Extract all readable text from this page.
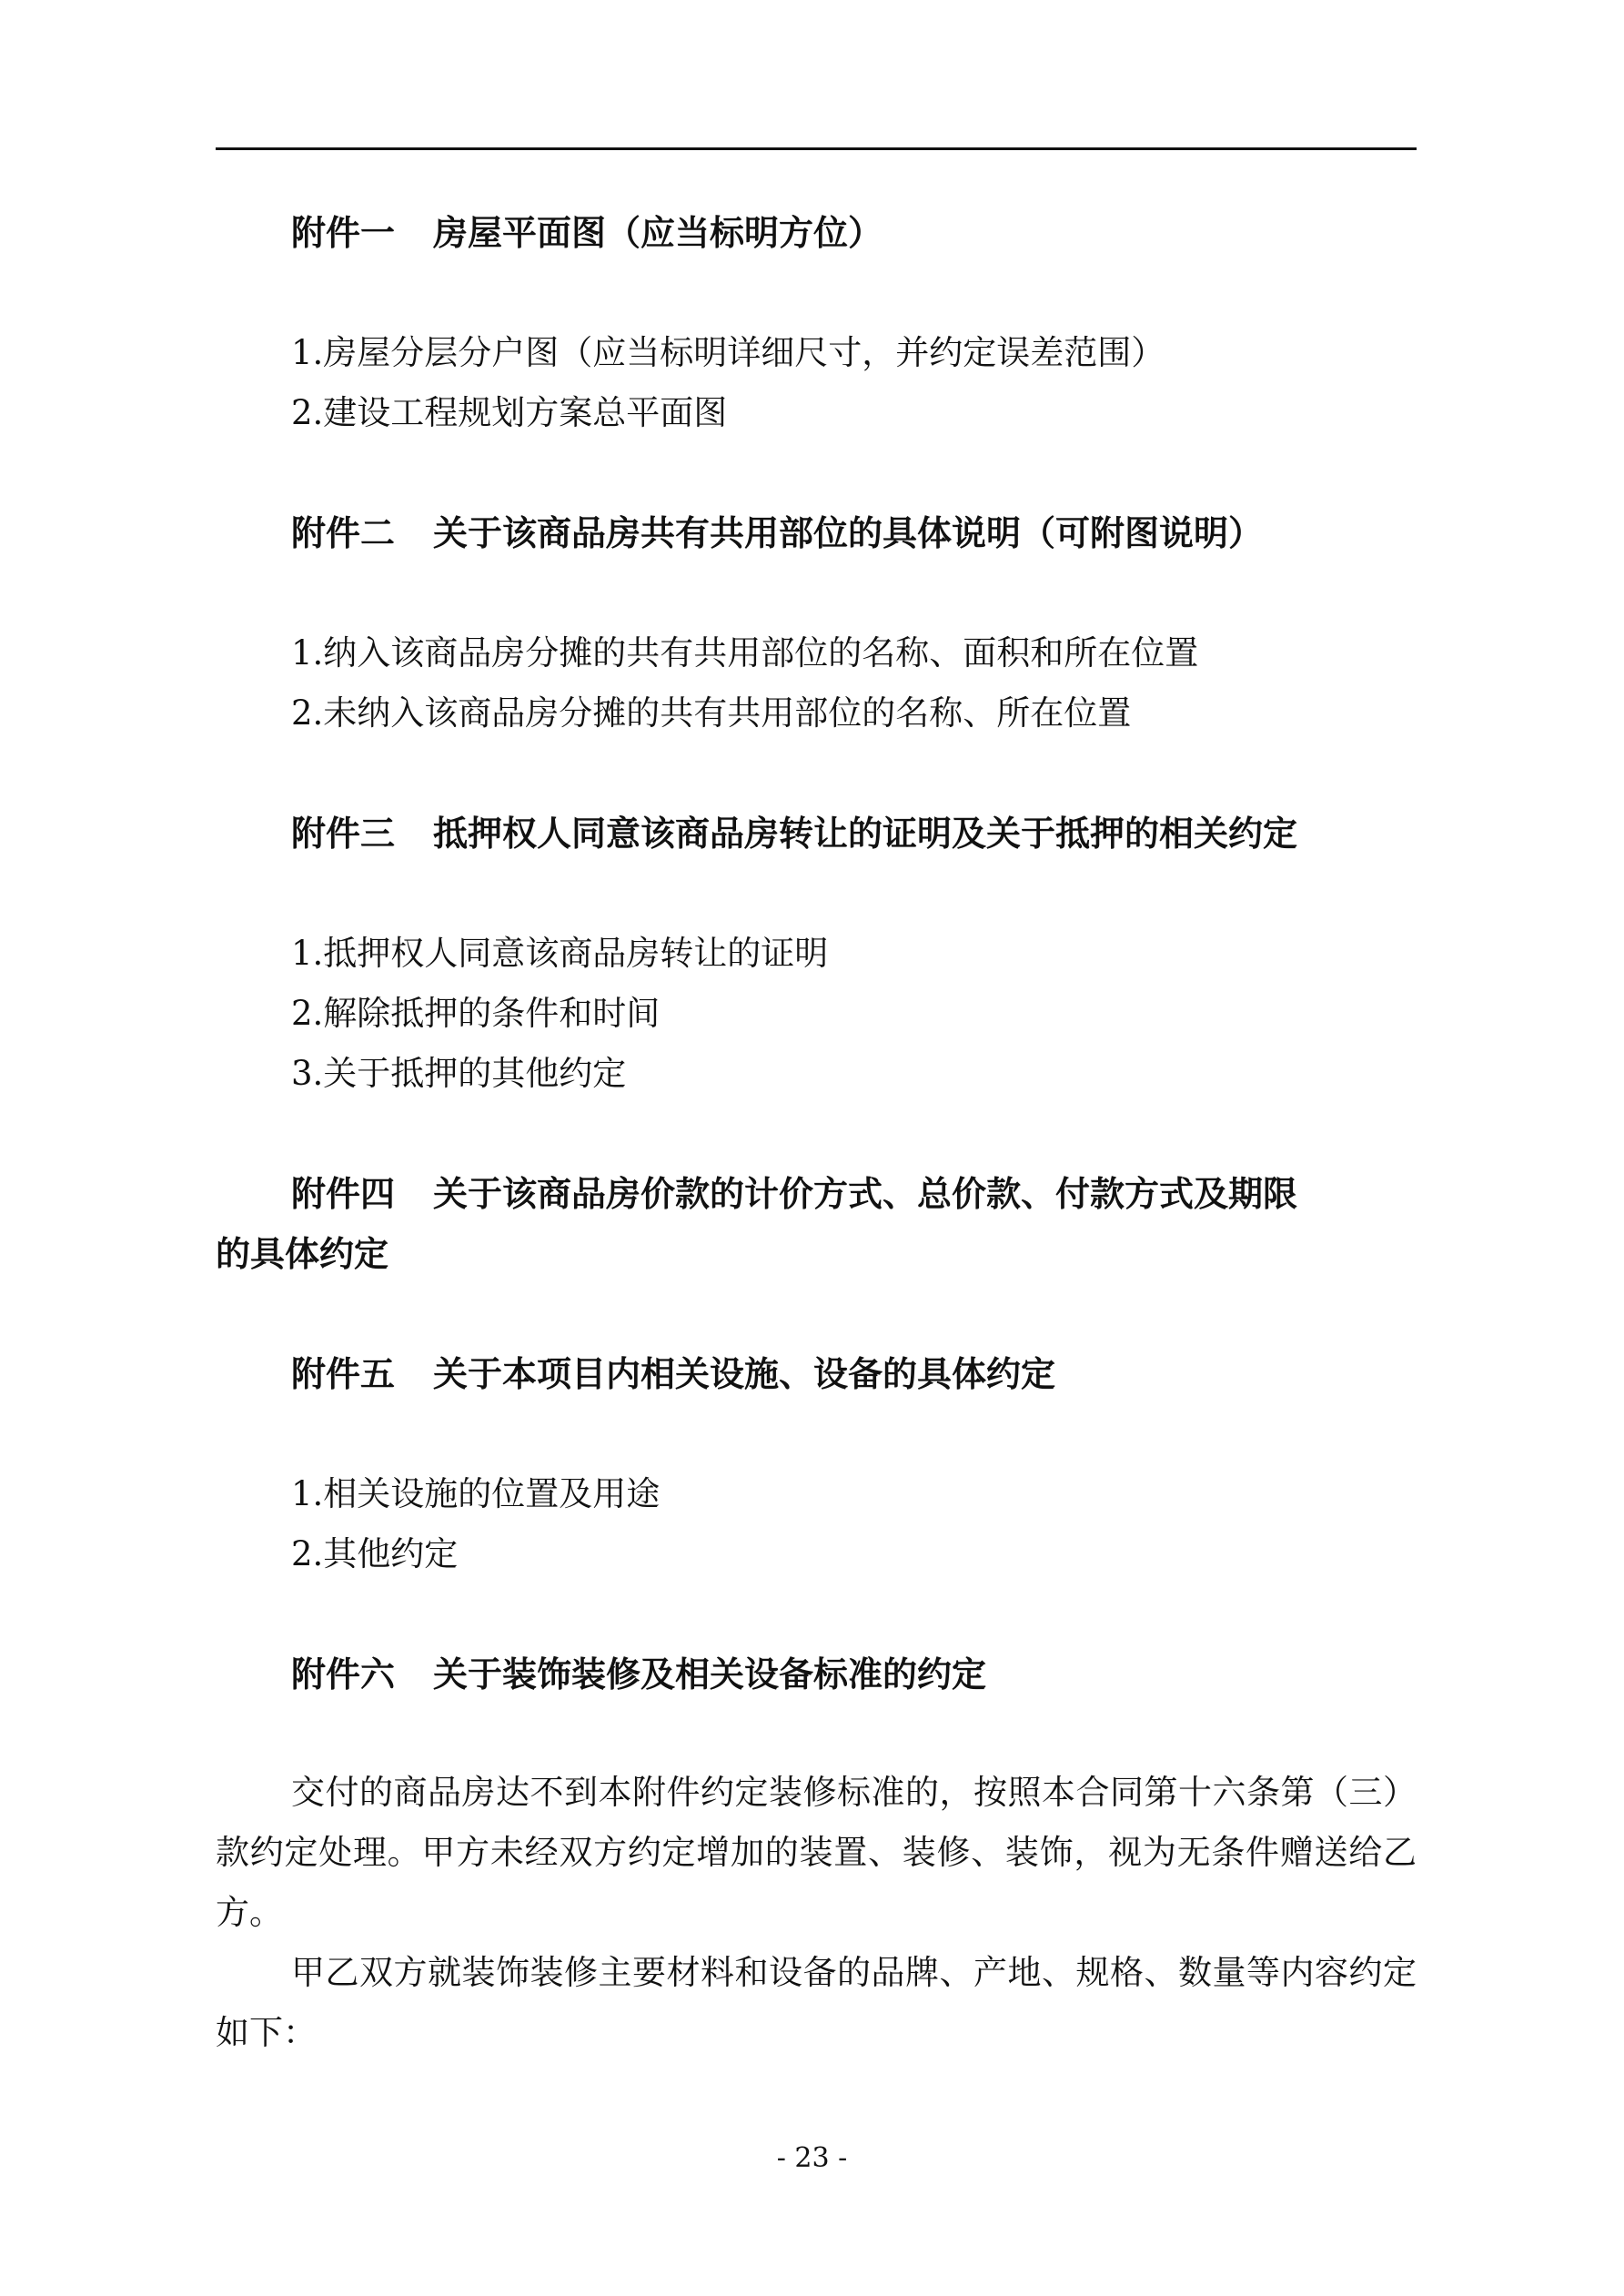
附件一 房屋平面图（应当标明方位）
1.房屋分层分户图（应当标明详细尺寸，并约定误差范围）
2.建设工程规划方案总平面图
附件二 关于该商品房共有共用部位的具体说明（可附图说明）
1.纳入该商品房分摊的共有共用部位的名称、面积和所在位置
2.未纳入该商品房分摊的共有共用部位的名称、所在位置
附件三 抵押权人同意该商品房转让的证明及关于抵押的相关约定
1.抵押权人同意该商品房转让的证明
2.解除抵押的条件和时间
3.关于抵押的其他约定
附件四 关于该商品房价款的计价方式、总价款、付款方式及期限
的具体约定
附件五 关于本项目内相关设施、设备的具体约定
1.相关设施的位置及用途
2.其他约定
附件六 关于装饰装修及相关设备标准的约定
交付的商品房达不到本附件约定装修标准的，按照本合同第十六条第（三）款约定处理。甲方未经双方约定增加的装置、装修、装饰，视为无条件赠送给乙方。
甲乙双方就装饰装修主要材料和设备的品牌、产地、规格、数量等内容约定如下：
- 23 -
